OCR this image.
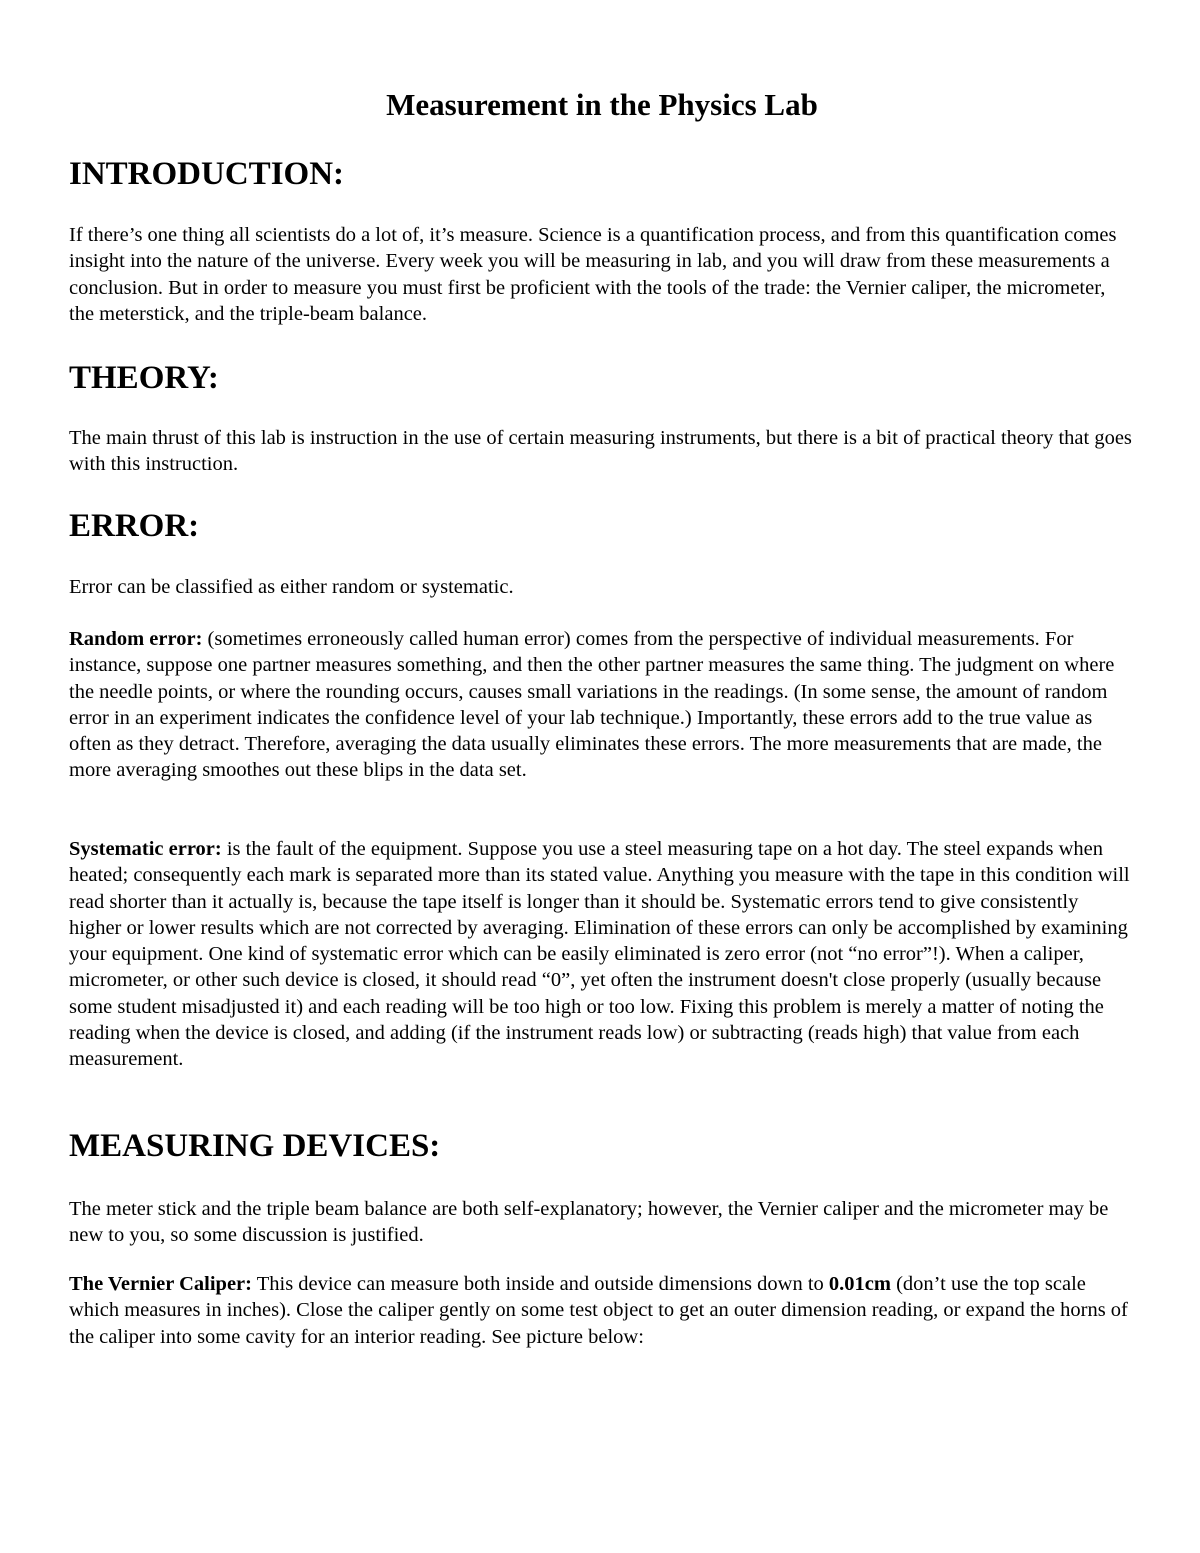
Measurement in the Physics Lab
INTRODUCTION:

If there’s one thing all scientists do a lot of, it’s measure. Science is a quantification process, and from this quantification comes insight into the nature of the universe. Every week you will be measuring in lab, and you will draw from these measurements a conclusion. But in order to measure you must first be proficient with the tools of the trade: the Vernier caliper, the micrometer, the meterstick, and the triple-beam balance.

THEORY:

The main thrust of this lab is instruction in the use of certain measuring instruments, but there is a bit of practical theory that goes with this instruction.

ERROR:

Error can be classified as either random or systematic.

Random error: (sometimes erroneously called human error) comes from the perspective of individual measurements. For instance, suppose one partner measures something, and then the other partner measures the same thing. The judgment on where the needle points, or where the rounding occurs, causes small variations in the readings. (In some sense, the amount of random error in an experiment indicates the confidence level of your lab technique.) Importantly, these errors add to the true value as often as they detract. Therefore, averaging the data usually eliminates these errors. The more measurements that are made, the more averaging smoothes out these blips in the data set.

Systematic error: is the fault of the equipment. Suppose you use a steel measuring tape on a hot day. The steel expands when heated; consequently each mark is separated more than its stated value. Anything you measure with the tape in this condition will read shorter than it actually is, because the tape itself is longer than it should be. Systematic errors tend to give consistently higher or lower results which are not corrected by averaging. Elimination of these errors can only be accomplished by examining your equipment. One kind of systematic error which can be easily eliminated is zero error (not “no error”!). When a caliper, micrometer, or other such device is closed, it should read “0”, yet often the instrument doesn't close properly (usually because some student misadjusted it) and each reading will be too high or too low. Fixing this problem is merely a matter of noting the reading when the device is closed, and adding (if the instrument reads low) or subtracting (reads high) that value from each measurement.

MEASURING DEVICES:

The meter stick and the triple beam balance are both self-explanatory; however, the Vernier caliper and the micrometer may be new to you, so some discussion is justified.

The Vernier Caliper: This device can measure both inside and outside dimensions down to 0.01cm (don’t use the top scale which measures in inches). Close the caliper gently on some test object to get an outer dimension reading, or expand the horns of the caliper into some cavity for an interior reading. See picture below:
